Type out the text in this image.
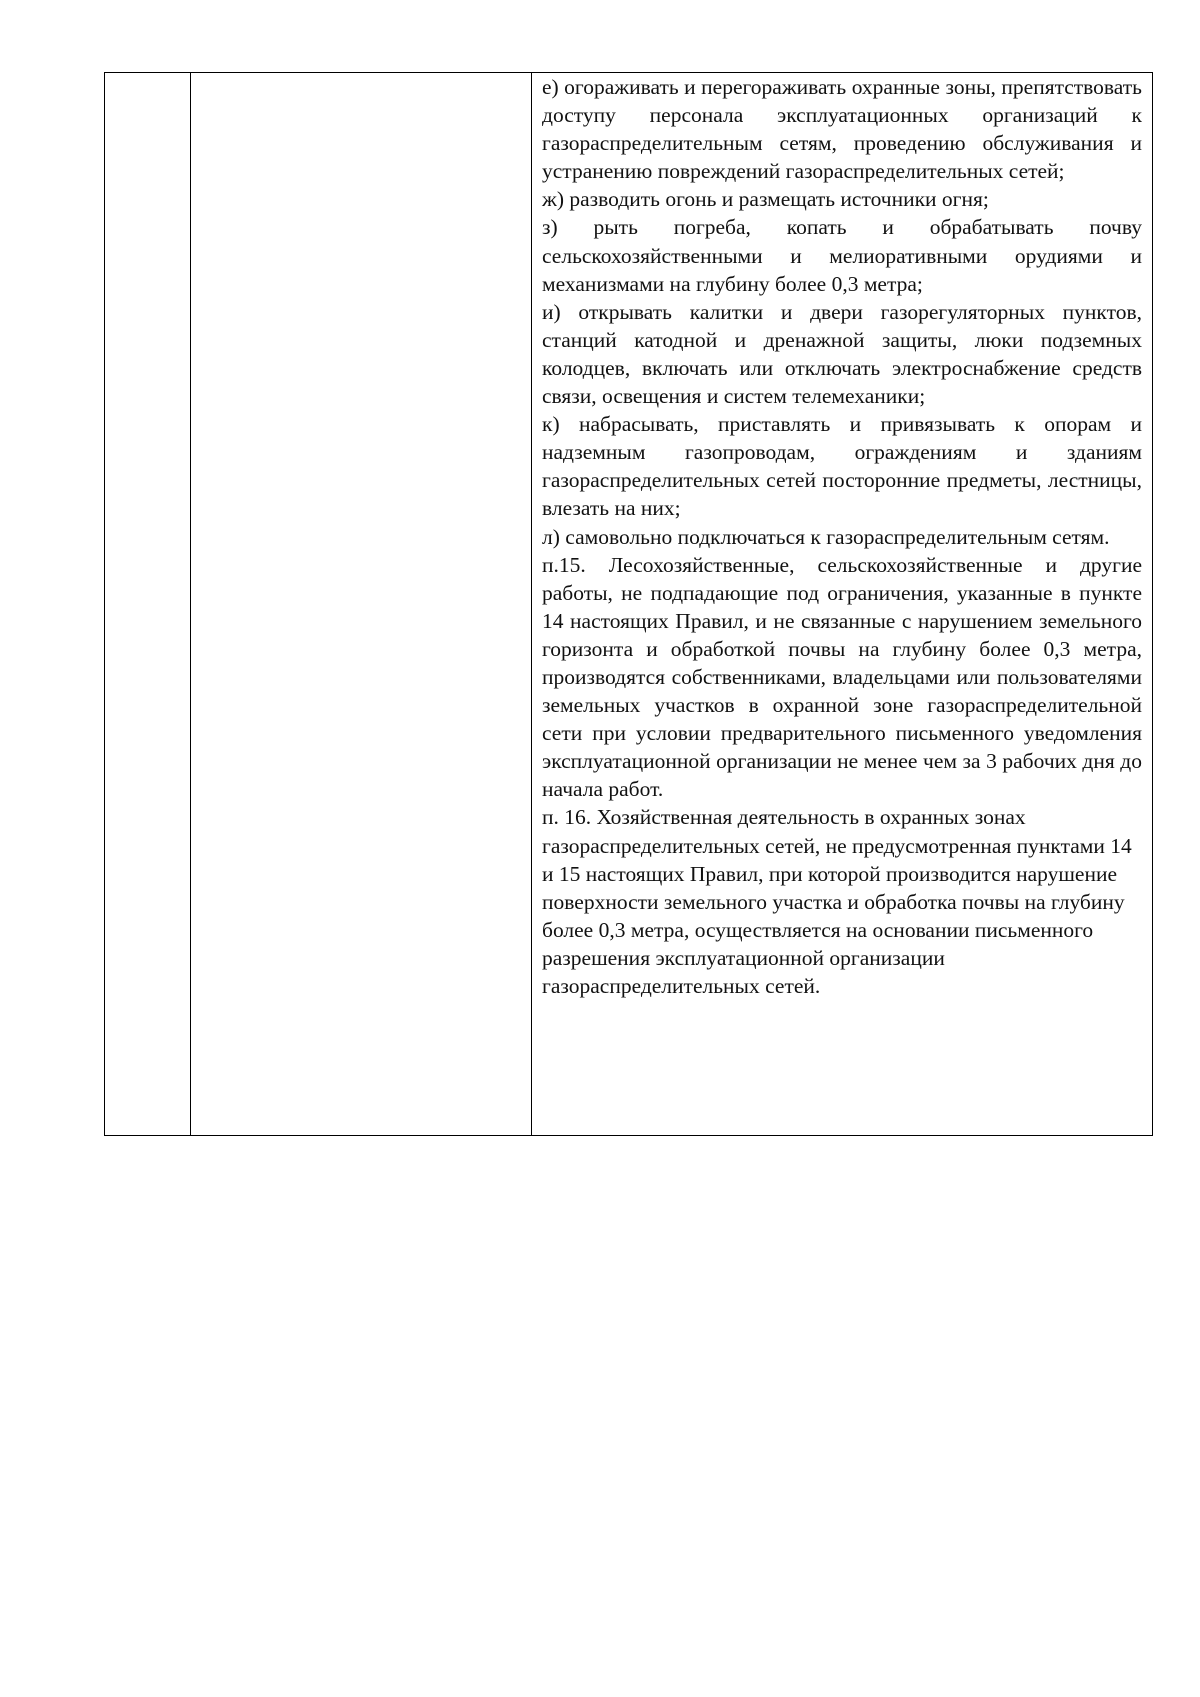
е) огораживать и перегораживать охранные зоны, препятствовать доступу персонала эксплуатационных организаций к газораспределительным сетям, проведению обслуживания и устранению повреждений газораспределительных сетей;

ж) разводить огонь и размещать источники огня;

з) рыть погреба, копать и обрабатывать почву сельскохозяйственными и мелиоративными орудиями и механизмами на глубину более 0,3 метра;

и) открывать калитки и двери газорегуляторных пунктов, станций катодной и дренажной защиты, люки подземных колодцев, включать или отключать электроснабжение средств связи, освещения и систем телемеханики;

к) набрасывать, приставлять и привязывать к опорам и надземным газопроводам, ограждениям и зданиям газораспределительных сетей посторонние предметы, лестницы, влезать на них;

л) самовольно подключаться к газораспределительным сетям.

п.15. Лесохозяйственные, сельскохозяйственные и другие работы, не подпадающие под ограничения, указанные в пункте 14 настоящих Правил, и не связанные с нарушением земельного горизонта и обработкой почвы на глубину более 0,3 метра, производятся собственниками, владельцами или пользователями земельных участков в охранной зоне газораспределительной сети при условии предварительного письменного уведомления эксплуатационной организации не менее чем за 3 рабочих дня до начала работ.

п. 16. Хозяйственная деятельность в охранных зонах газораспределительных сетей, не предусмотренная пунктами 14 и 15 настоящих Правил, при которой производится нарушение поверхности земельного участка и обработка почвы на глубину более 0,3 метра, осуществляется на основании письменного разрешения эксплуатационной организации газораспределительных сетей.
